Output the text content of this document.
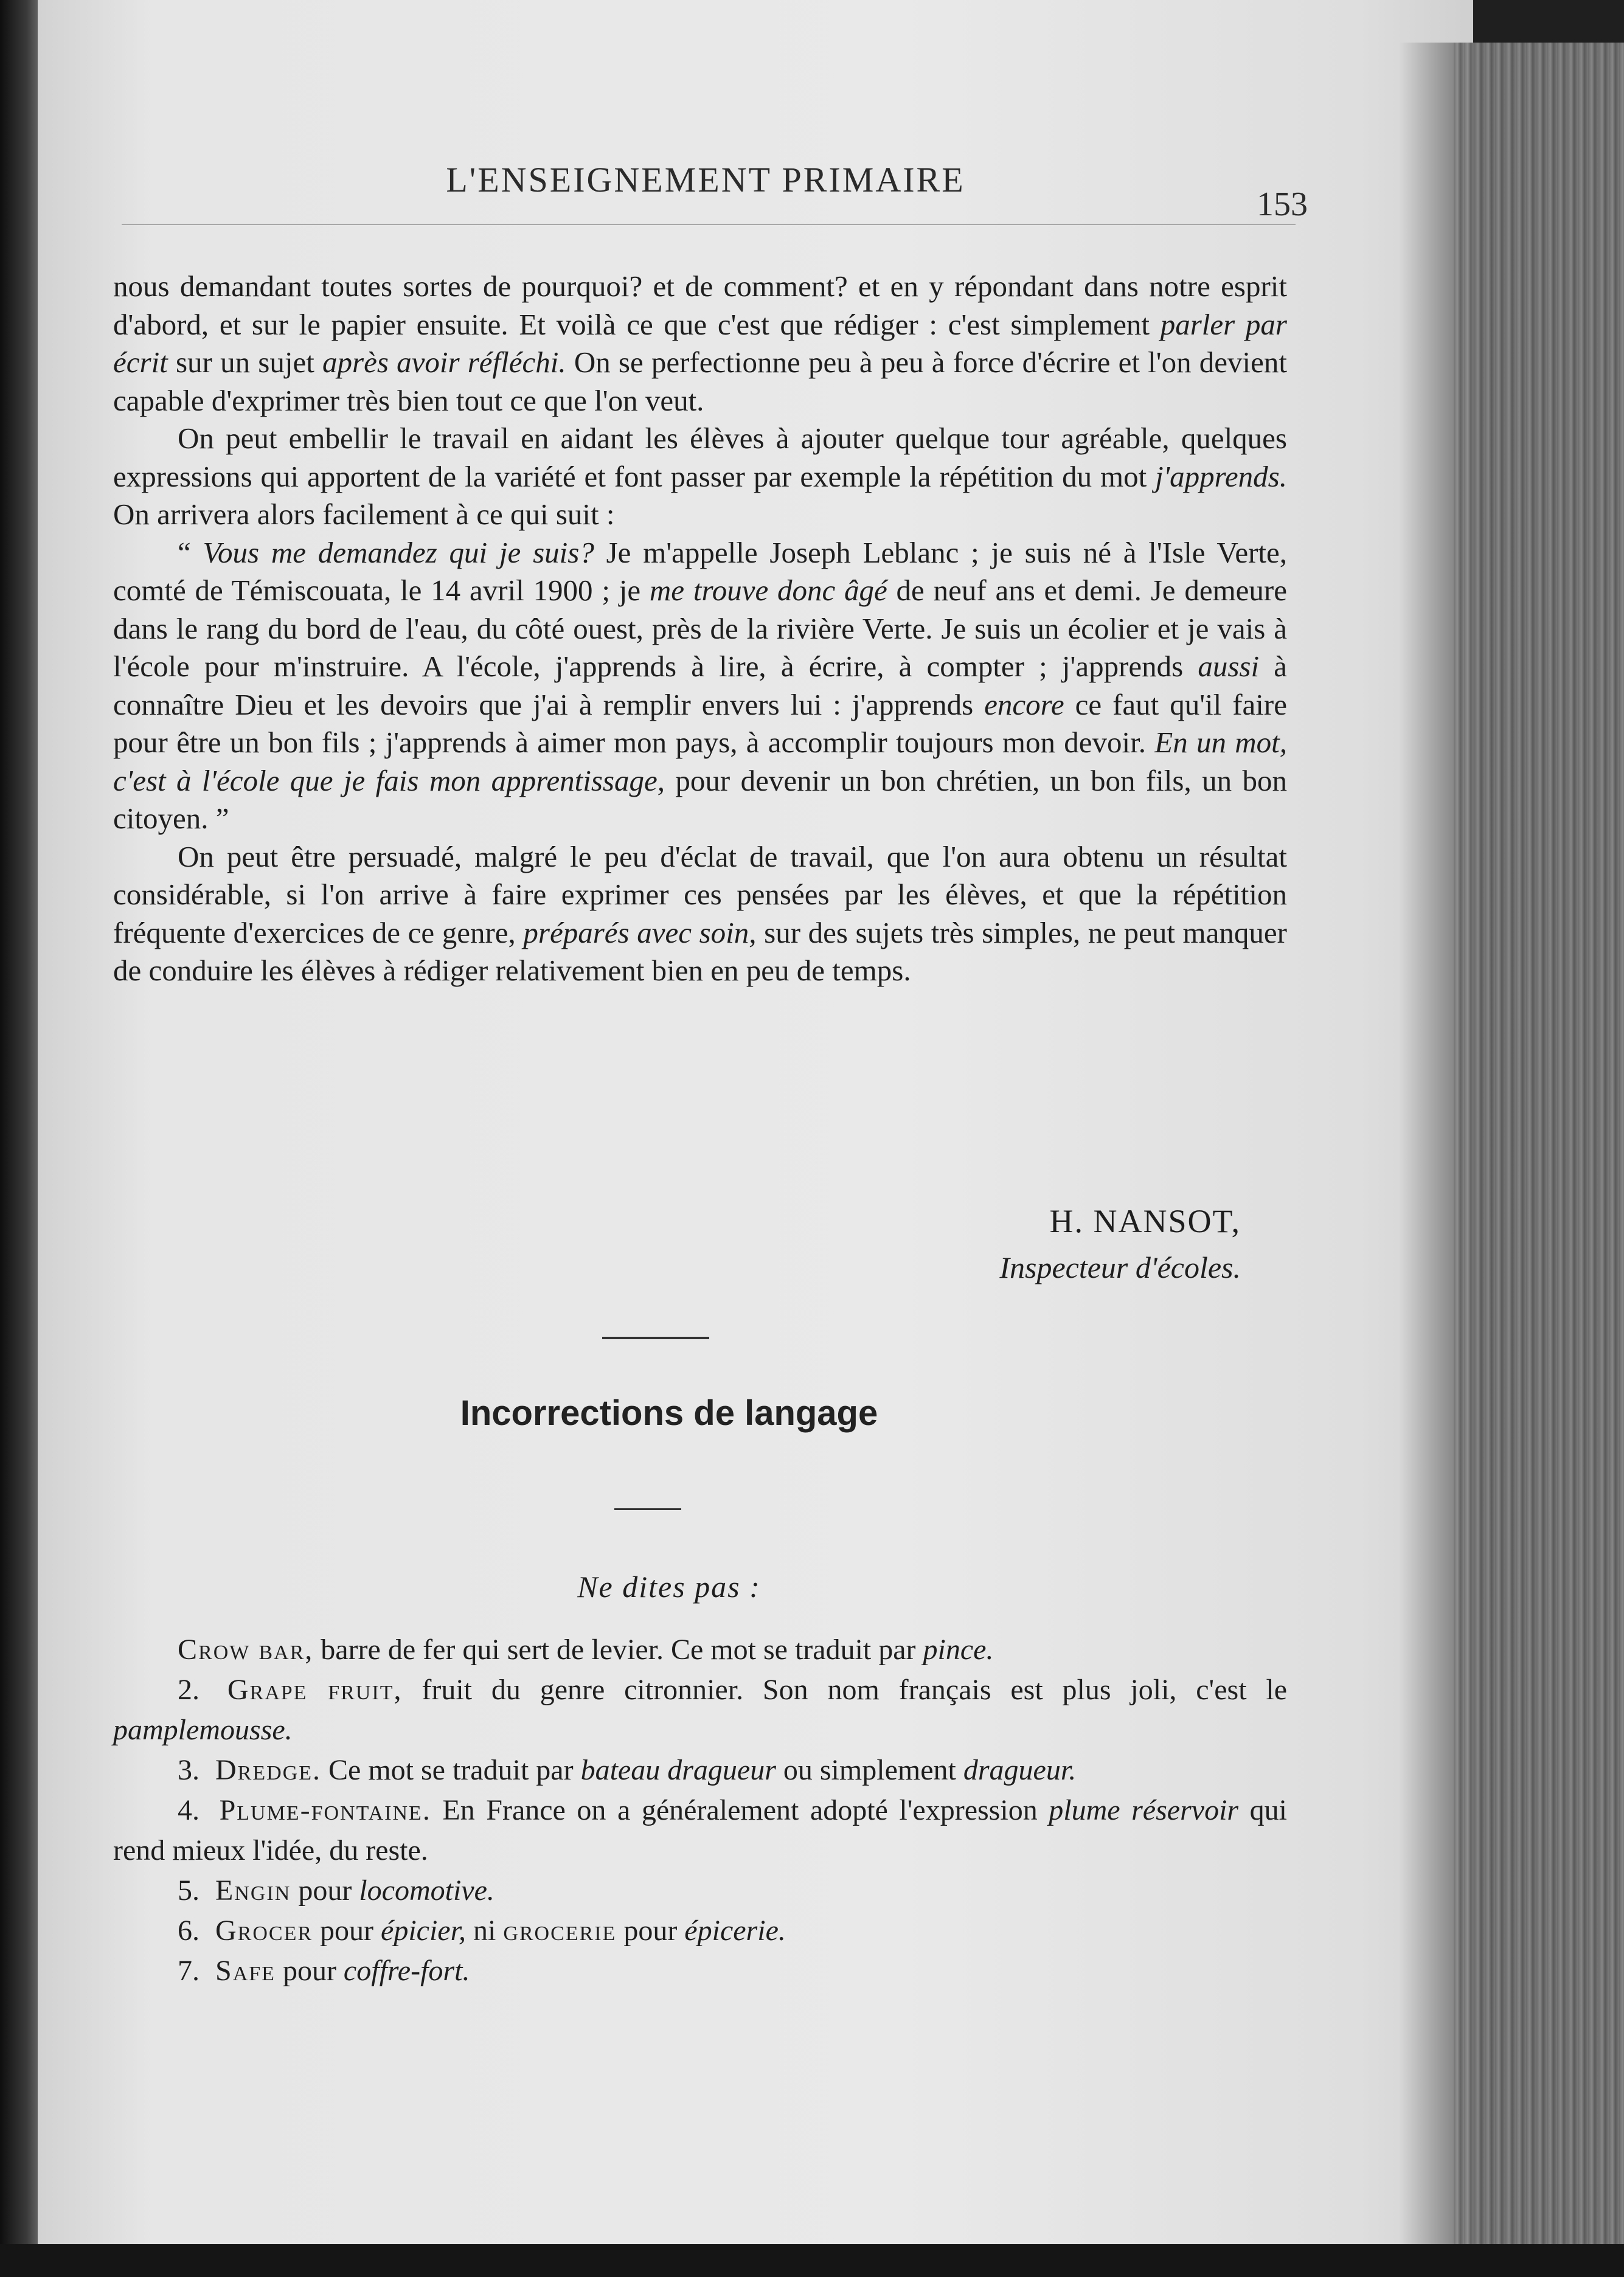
L'ENSEIGNEMENT PRIMAIRE
153

nous demandant toutes sortes de pourquoi? et de comment? et en y répondant dans notre esprit d'abord, et sur le papier ensuite. Et voilà ce que c'est que rédiger : c'est simplement parler par écrit sur un sujet après avoir réfléchi. On se perfectionne peu à peu à force d'écrire et l'on devient capable d'exprimer très bien tout ce que l'on veut.

On peut embellir le travail en aidant les élèves à ajouter quelque tour agréable, quelques expressions qui apportent de la variété et font passer par exemple la répétition du mot j'apprends. On arrivera alors facilement à ce qui suit :

“ Vous me demandez qui je suis? Je m'appelle Joseph Leblanc ; je suis né à l'Isle Verte, comté de Témiscouata, le 14 avril 1900 ; je me trouve donc âgé de neuf ans et demi. Je demeure dans le rang du bord de l'eau, du côté ouest, près de la rivière Verte. Je suis un écolier et je vais à l'école pour m'instruire. A l'école, j'apprends à lire, à écrire, à compter ; j'apprends aussi à connaître Dieu et les devoirs que j'ai à remplir envers lui : j'apprends encore ce faut qu'il faire pour être un bon fils ; j'apprends à aimer mon pays, à accomplir toujours mon devoir. En un mot, c'est à l'école que je fais mon apprentissage, pour devenir un bon chrétien, un bon fils, un bon citoyen. ”

On peut être persuadé, malgré le peu d'éclat de travail, que l'on aura obtenu un résultat considérable, si l'on arrive à faire exprimer ces pensées par les élèves, et que la répétition fréquente d'exercices de ce genre, préparés avec soin, sur des sujets très simples, ne peut manquer de conduire les élèves à rédiger relativement bien en peu de temps.

H. NANSOT,
Inspecteur d'écoles.
Incorrections de langage
Ne dites pas :

Crow bar, barre de fer qui sert de levier. Ce mot se traduit par pince.

2. Grape fruit, fruit du genre citronnier. Son nom français est plus joli, c'est le pamplemousse.

3. Dredge. Ce mot se traduit par bateau dragueur ou simplement dragueur.

4. Plume-fontaine. En France on a généralement adopté l'expression plume réservoir qui rend mieux l'idée, du reste.

5. Engin pour locomotive.

6. Grocer pour épicier, ni grocerie pour épicerie.

7. Safe pour coffre-fort.
